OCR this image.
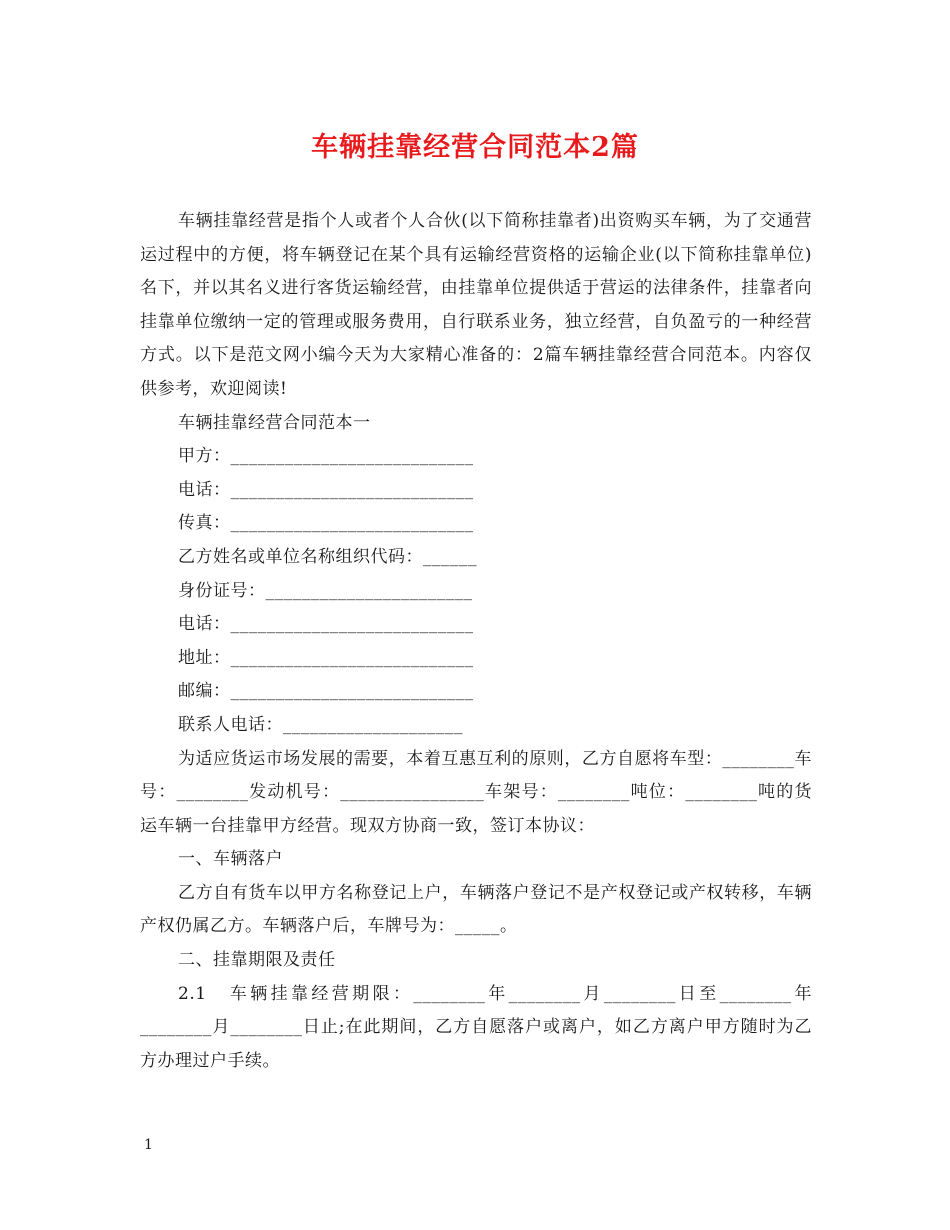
车辆挂靠经营合同范本2篇

车辆挂靠经营是指个人或者个人合伙(以下简称挂靠者)出资购买车辆，为了交通营运过程中的方便，将车辆登记在某个具有运输经营资格的运输企业(以下简称挂靠单位)名下，并以其名义进行客货运输经营，由挂靠单位提供适于营运的法律条件，挂靠者向挂靠单位缴纳一定的管理或服务费用，自行联系业务，独立经营，自负盈亏的一种经营方式。以下是范文网小编今天为大家精心准备的：2篇车辆挂靠经营合同范本。内容仅供参考，欢迎阅读!

车辆挂靠经营合同范本一

甲方：___________________________

电话：___________________________

传真：___________________________

乙方姓名或单位名称组织代码：______

身份证号：_______________________

电话：___________________________

地址：___________________________

邮编：___________________________

联系人电话：____________________

为适应货运市场发展的需要，本着互惠互利的原则，乙方自愿将车型：________车号：________发动机号：________________车架号：________吨位：________吨的货运车辆一台挂靠甲方经营。现双方协商一致，签订本协议：

一、车辆落户

乙方自有货车以甲方名称登记上户，车辆落户登记不是产权登记或产权转移，车辆产权仍属乙方。车辆落户后，车牌号为：_____。

二、挂靠期限及责任

2.1　车辆挂靠经营期限：________年________月________日至________年________月________日止;在此期间，乙方自愿落户或离户，如乙方离户甲方随时为乙方办理过户手续。

1
